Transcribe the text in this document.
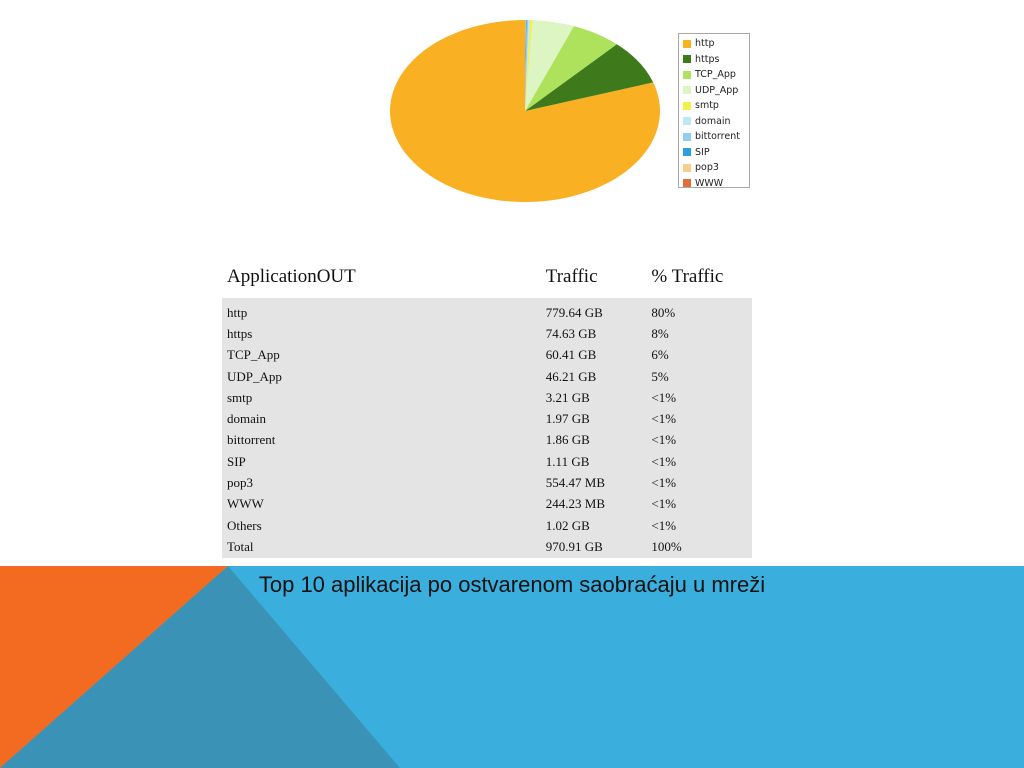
http
https
TCP_App
UDP_App
smtp
domain
bittorrent
SIP
pop3
WWW
ApplicationOUT	Traffic	% Traffic
http	779.64 GB	80%
https	74.63 GB	8%
TCP_App	60.41 GB	6%
UDP_App	46.21 GB	5%
smtp	3.21 GB	<1%
domain	1.97 GB	<1%
bittorrent	1.86 GB	<1%
SIP	1.11 GB	<1%
pop3	554.47 MB	<1%
WWW	244.23 MB	<1%
Others	1.02 GB	<1%
Total	970.91 GB	100%
Top 10 aplikacija po ostvarenom saobraćaju u mreži
